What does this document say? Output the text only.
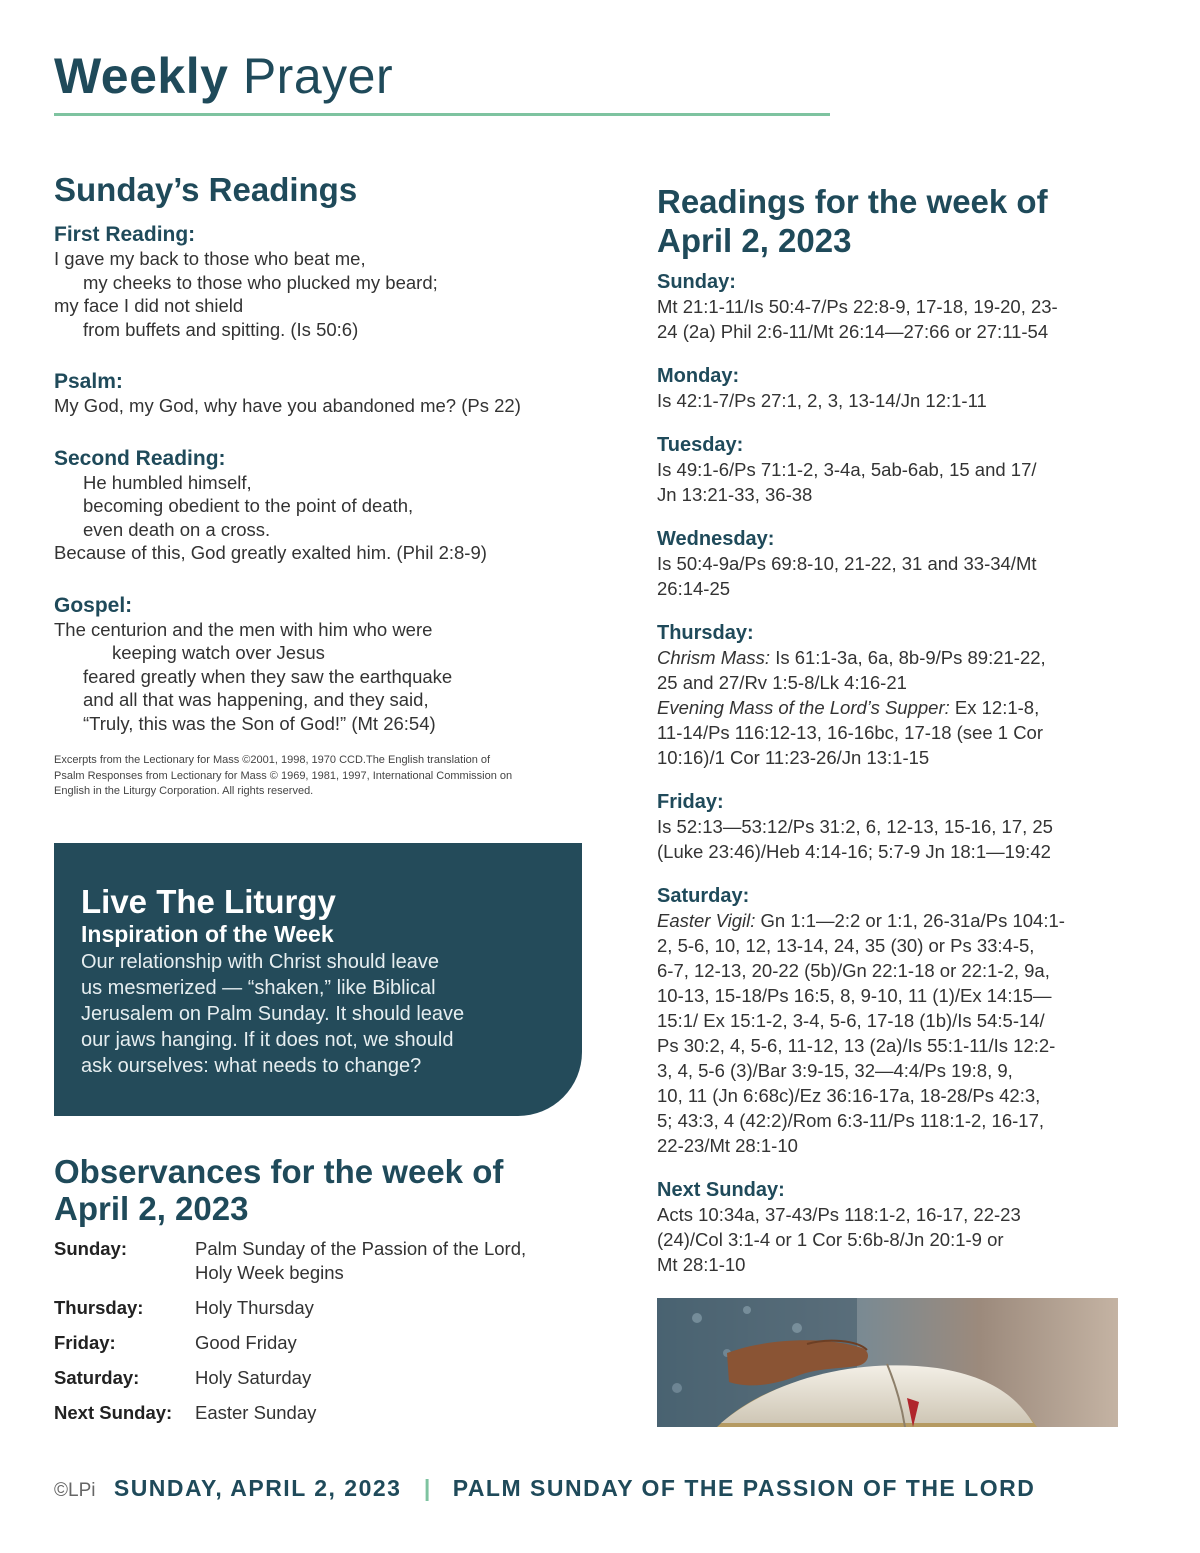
Weekly Prayer
Sunday’s Readings
First Reading:
I gave my back to those who beat me,
my cheeks to those who plucked my beard;
my face I did not shield
from buffets and spitting. (Is 50:6)
Psalm:
My God, my God, why have you abandoned me? (Ps 22)
Second Reading:
He humbled himself,
becoming obedient to the point of death,
even death on a cross.
Because of this, God greatly exalted him. (Phil 2:8-9)
Gospel:
The centurion and the men with him who were
keeping watch over Jesus
feared greatly when they saw the earthquake
and all that was happening, and they said,
“Truly, this was the Son of God!” (Mt 26:54)
Excerpts from the Lectionary for Mass ©2001, 1998, 1970 CCD.The English translation of
Psalm Responses from Lectionary for Mass © 1969, 1981, 1997, International Commission on
English in the Liturgy Corporation. All rights reserved.
Live The Liturgy
Inspiration of the Week
Our relationship with Christ should leave
us mesmerized — “shaken,” like Biblical
Jerusalem on Palm Sunday. It should leave
our jaws hanging. If it does not, we should
ask ourselves: what needs to change?
Observances for the week of
April 2, 2023
Sunday:	Palm Sunday of the Passion of the Lord,
Holy Week begins
Thursday:	Holy Thursday
Friday:	Good Friday
Saturday:	Holy Saturday
Next Sunday:	Easter Sunday
Readings for the week of
April 2, 2023
Sunday:
Mt 21:1-11/Is 50:4-7/Ps 22:8-9, 17-18, 19-20, 23-
24 (2a) Phil 2:6-11/Mt 26:14—27:66 or 27:11-54
Monday:
Is 42:1-7/Ps 27:1, 2, 3, 13-14/Jn 12:1-11
Tuesday:
Is 49:1-6/Ps 71:1-2, 3-4a, 5ab-6ab, 15 and 17/
Jn 13:21-33, 36-38
Wednesday:
Is 50:4-9a/Ps 69:8-10, 21-22, 31 and 33-34/Mt
26:14-25
Thursday:
Chrism Mass: Is 61:1-3a, 6a, 8b-9/Ps 89:21-22,
25 and 27/Rv 1:5-8/Lk 4:16-21
Evening Mass of the Lord’s Supper: Ex 12:1-8,
11-14/Ps 116:12-13, 16-16bc, 17-18 (see 1 Cor
10:16)/1 Cor 11:23-26/Jn 13:1-15
Friday:
Is 52:13—53:12/Ps 31:2, 6, 12-13, 15-16, 17, 25
(Luke 23:46)/Heb 4:14-16; 5:7-9 Jn 18:1—19:42
Saturday:
Easter Vigil: Gn 1:1—2:2 or 1:1, 26-31a/Ps 104:1-
2, 5-6, 10, 12, 13-14, 24, 35 (30) or Ps 33:4-5,
6-7, 12-13, 20-22 (5b)/Gn 22:1-18 or 22:1-2, 9a,
10-13, 15-18/Ps 16:5, 8, 9-10, 11 (1)/Ex 14:15—
15:1/ Ex 15:1-2, 3-4, 5-6, 17-18 (1b)/Is 54:5-14/
Ps 30:2, 4, 5-6, 11-12, 13 (2a)/Is 55:1-11/Is 12:2-
3, 4, 5-6 (3)/Bar 3:9-15, 32—4:4/Ps 19:8, 9,
10, 11 (Jn 6:68c)/Ez 36:16-17a, 18-28/Ps 42:3,
5; 43:3, 4 (42:2)/Rom 6:3-11/Ps 118:1-2, 16-17,
22-23/Mt 28:1-10
Next Sunday:
Acts 10:34a, 37-43/Ps 118:1-2, 16-17, 22-23
(24)/Col 3:1-4 or 1 Cor 5:6b-8/Jn 20:1-9 or
Mt 28:1-10
©LPi SUNDAY, APRIL 2, 2023 | PALM SUNDAY OF THE PASSION OF THE LORD
